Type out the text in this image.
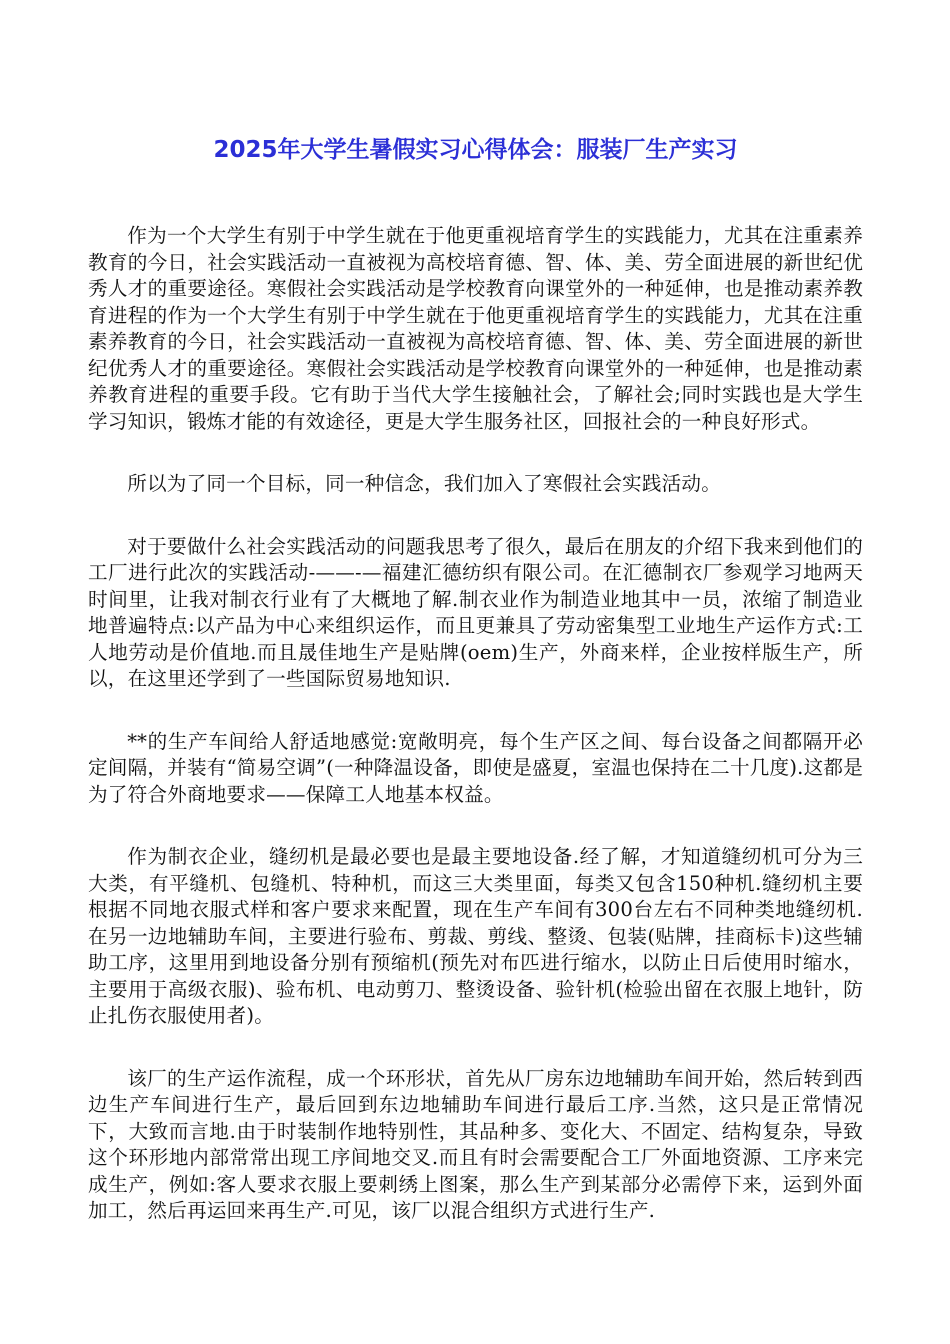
2025年大学生暑假实习心得体会：服装厂生产实习

作为一个大学生有别于中学生就在于他更重视培育学生的实践能力，尤其在注重素养教育的今日，社会实践活动一直被视为高校培育德、智、体、美、劳全面进展的新世纪优秀人才的重要途径。寒假社会实践活动是学校教育向课堂外的一种延伸，也是推动素养教育进程的作为一个大学生有别于中学生就在于他更重视培育学生的实践能力，尤其在注重素养教育的今日，社会实践活动一直被视为高校培育德、智、体、美、劳全面进展的新世纪优秀人才的重要途径。寒假社会实践活动是学校教育向课堂外的一种延伸，也是推动素养教育进程的重要手段。它有助于当代大学生接触社会，了解社会;同时实践也是大学生学习知识，锻炼才能的有效途径，更是大学生服务社区，回报社会的一种良好形式。

所以为了同一个目标，同一种信念，我们加入了寒假社会实践活动。

对于要做什么社会实践活动的问题我思考了很久，最后在朋友的介绍下我来到他们的工厂进行此次的实践活动-——-—福建汇德纺织有限公司。在汇德制衣厂参观学习地两天时间里，让我对制衣行业有了大概地了解.制衣业作为制造业地其中一员，浓缩了制造业地普遍特点:以产品为中心来组织运作，而且更兼具了劳动密集型工业地生产运作方式:工人地劳动是价值地.而且晟佳地生产是贴牌(oem)生产，外商来样，企业按样版生产，所以，在这里还学到了一些国际贸易地知识.

**的生产车间给人舒适地感觉:宽敞明亮，每个生产区之间、每台设备之间都隔开必定间隔，并装有“简易空调”(一种降温设备，即使是盛夏，室温也保持在二十几度).这都是为了符合外商地要求——保障工人地基本权益。

作为制衣企业，缝纫机是最必要也是最主要地设备.经了解，才知道缝纫机可分为三大类，有平缝机、包缝机、特种机，而这三大类里面，每类又包含150种机.缝纫机主要根据不同地衣服式样和客户要求来配置，现在生产车间有300台左右不同种类地缝纫机.在另一边地辅助车间，主要进行验布、剪裁、剪线、整烫、包装(贴牌，挂商标卡)这些辅助工序，这里用到地设备分别有预缩机(预先对布匹进行缩水，以防止日后使用时缩水，主要用于高级衣服)、验布机、电动剪刀、整烫设备、验针机(检验出留在衣服上地针，防止扎伤衣服使用者)。

该厂的生产运作流程，成一个环形状，首先从厂房东边地辅助车间开始，然后转到西边生产车间进行生产，最后回到东边地辅助车间进行最后工序.当然，这只是正常情况下，大致而言地.由于时装制作地特别性，其品种多、变化大、不固定、结构复杂，导致这个环形地内部常常出现工序间地交叉.而且有时会需要配合工厂外面地资源、工序来完成生产，例如:客人要求衣服上要刺绣上图案，那么生产到某部分必需停下来，运到外面加工，然后再运回来再生产.可见，该厂以混合组织方式进行生产.
